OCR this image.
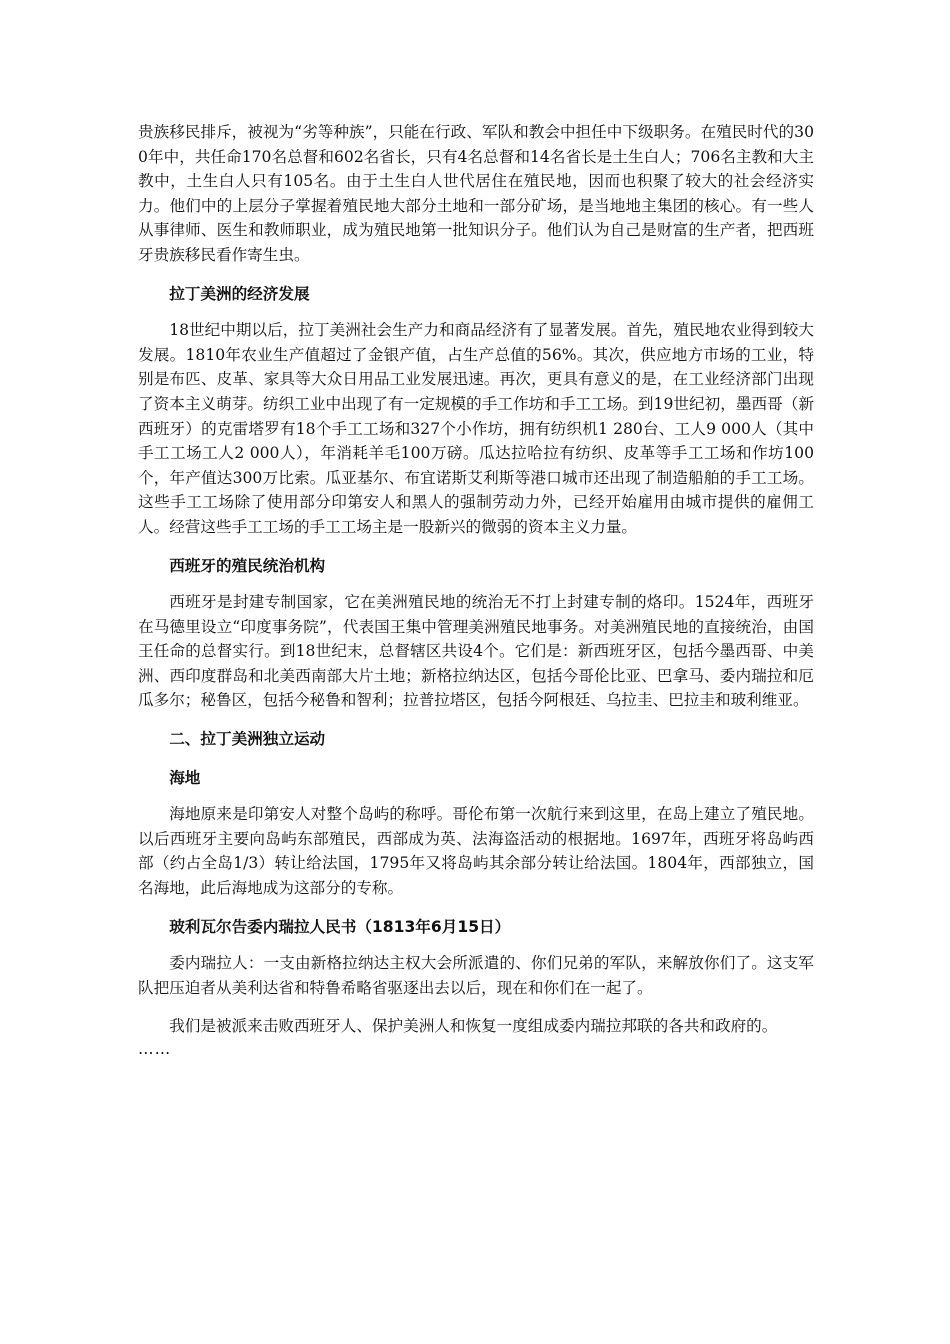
贵族移民排斥，被视为“劣等种族”，只能在行政、军队和教会中担任中下级职务。在殖民时代的300年中，共任命170名总督和602名省长，只有4名总督和14名省长是土生白人；706名主教和大主教中，土生白人只有105名。由于土生白人世代居住在殖民地，因而也积聚了较大的社会经济实力。他们中的上层分子掌握着殖民地大部分土地和一部分矿场，是当地地主集团的核心。有一些人从事律师、医生和教师职业，成为殖民地第一批知识分子。他们认为自己是财富的生产者，把西班牙贵族移民看作寄生虫。

拉丁美洲的经济发展

18世纪中期以后，拉丁美洲社会生产力和商品经济有了显著发展。首先，殖民地农业得到较大发展。1810年农业生产值超过了金银产值，占生产总值的56%。其次，供应地方市场的工业，特别是布匹、皮革、家具等大众日用品工业发展迅速。再次，更具有意义的是，在工业经济部门出现了资本主义萌芽。纺织工业中出现了有一定规模的手工作坊和手工工场。到19世纪初，墨西哥（新西班牙）的克雷塔罗有18个手工工场和327个小作坊，拥有纺织机1 280台、工人9 000人（其中手工工场工人2 000人），年消耗羊毛100万磅。瓜达拉哈拉有纺织、皮革等手工工场和作坊100个，年产值达300万比索。瓜亚基尔、布宜诺斯艾利斯等港口城市还出现了制造船舶的手工工场。这些手工工场除了使用部分印第安人和黑人的强制劳动力外，已经开始雇用由城市提供的雇佣工人。经营这些手工工场的手工工场主是一股新兴的微弱的资本主义力量。

西班牙的殖民统治机构

西班牙是封建专制国家，它在美洲殖民地的统治无不打上封建专制的烙印。1524年，西班牙在马德里设立“印度事务院”，代表国王集中管理美洲殖民地事务。对美洲殖民地的直接统治，由国王任命的总督实行。到18世纪末，总督辖区共设4个。它们是：新西班牙区，包括今墨西哥、中美洲、西印度群岛和北美西南部大片土地；新格拉纳达区，包括今哥伦比亚、巴拿马、委内瑞拉和厄瓜多尔；秘鲁区，包括今秘鲁和智利；拉普拉塔区，包括今阿根廷、乌拉圭、巴拉圭和玻利维亚。

二、拉丁美洲独立运动

海地

海地原来是印第安人对整个岛屿的称呼。哥伦布第一次航行来到这里，在岛上建立了殖民地。以后西班牙主要向岛屿东部殖民，西部成为英、法海盗活动的根据地。1697年，西班牙将岛屿西部（约占全岛1/3）转让给法国，1795年又将岛屿其余部分转让给法国。1804年，西部独立，国名海地，此后海地成为这部分的专称。

玻利瓦尔告委内瑞拉人民书（1813年6月15日）

委内瑞拉人：一支由新格拉纳达主权大会所派遣的、你们兄弟的军队，来解放你们了。这支军队把压迫者从美利达省和特鲁希略省驱逐出去以后，现在和你们在一起了。

我们是被派来击败西班牙人、保护美洲人和恢复一度组成委内瑞拉邦联的各共和政府的。

……
